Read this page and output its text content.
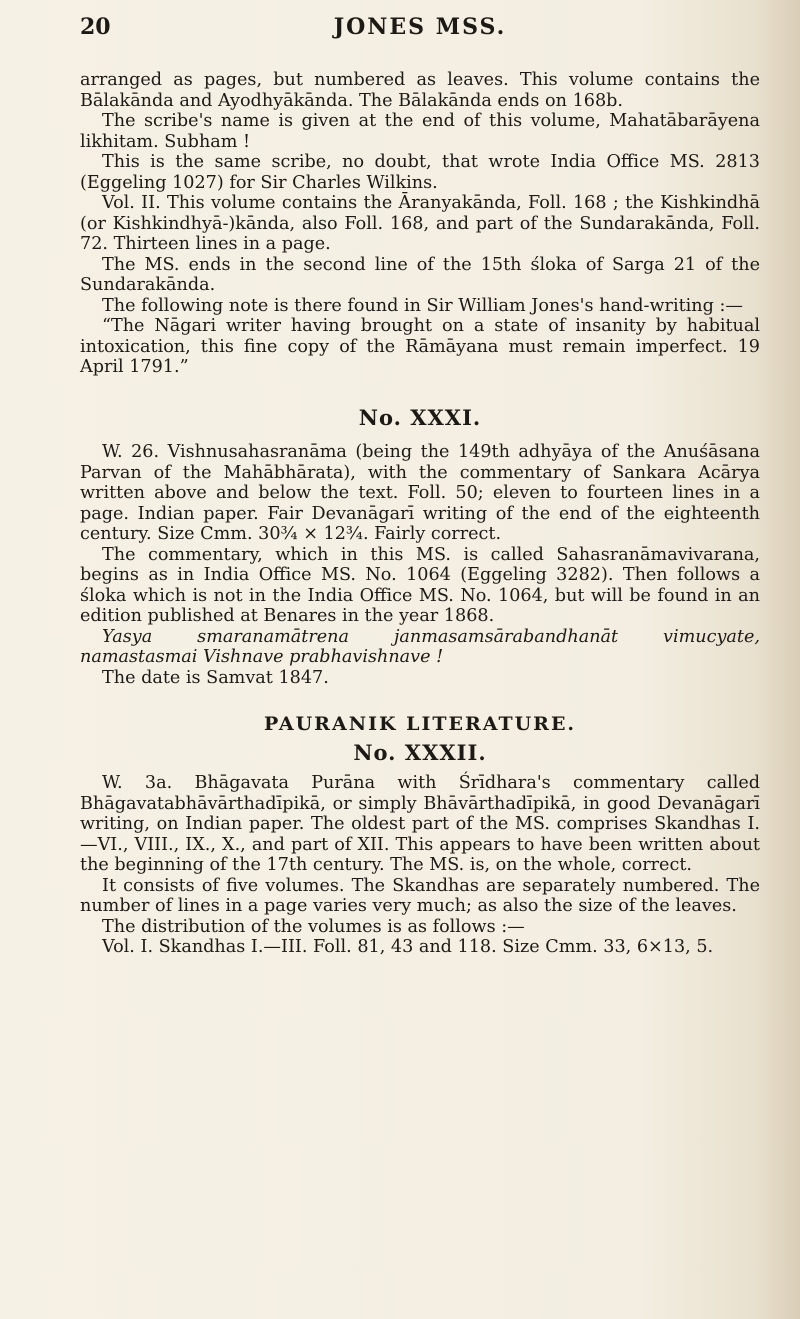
20	JONES MSS.

arranged as pages, but numbered as leaves. This volume contains the Bālakānda and Ayodhyākānda. The Bālakānda ends on 168b.

The scribe's name is given at the end of this volume, Mahatābarāyena likhitam. Subham !

This is the same scribe, no doubt, that wrote India Office MS. 2813 (Eggeling 1027) for Sir Charles Wilkins.

Vol. II. This volume contains the Āranyakānda, Foll. 168 ; the Kishkindhā (or Kishkindhyā-)kānda, also Foll. 168, and part of the Sundarakānda, Foll. 72. Thirteen lines in a page.

The MS. ends in the second line of the 15th śloka of Sarga 21 of the Sundarakānda.

The following note is there found in Sir William Jones's hand-writing :—

“The Nāgari writer having brought on a state of insanity by habitual intoxication, this fine copy of the Rāmāyana must remain imperfect. 19 April 1791.”

No. XXXI.

W. 26. Vishnusahasranāma (being the 149th adhyāya of the Anuśāsana Parvan of the Mahābhārata), with the commentary of Sankara Acārya written above and below the text. Foll. 50; eleven to fourteen lines in a page. Indian paper. Fair Devanāgarī writing of the end of the eighteenth century. Size Cmm. 30¾ × 12¾. Fairly correct.

The commentary, which in this MS. is called Sahasranāmavivarana, begins as in India Office MS. No. 1064 (Eggeling 3282). Then follows a śloka which is not in the India Office MS. No. 1064, but will be found in an edition published at Benares in the year 1868.

Yasya smaranamātrena janmasamsārabandhanāt vimucyate, namastasmai Vishnave prabhavishnave !

The date is Samvat 1847.

PAURANIK LITERATURE.
No. XXXII.

W. 3a. Bhāgavata Purāna with Śrīdhara's commentary called Bhāgavatabhāvārthadīpikā, or simply Bhāvārthadīpikā, in good Devanāgarī writing, on Indian paper. The oldest part of the MS. comprises Skandhas I.—VI., VIII., IX., X., and part of XII. This appears to have been written about the beginning of the 17th century. The MS. is, on the whole, correct.

It consists of five volumes. The Skandhas are separately numbered. The number of lines in a page varies very much; as also the size of the leaves.

The distribution of the volumes is as follows :—

Vol. I. Skandhas I.—III. Foll. 81, 43 and 118. Size Cmm. 33, 6×13, 5.
